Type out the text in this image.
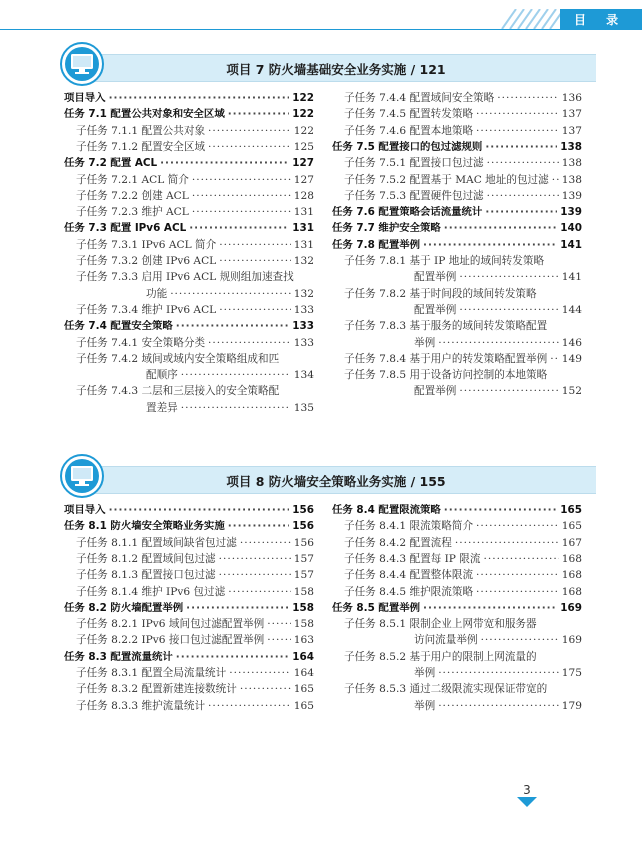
目 录
项目 7 防火墙基础安全业务实施 / 121
项目 8 防火墙安全策略业务实施 / 155
3
项目导入 ·····	122
任务 7.1 配置公共对象和安全区域 ·····	122
子任务 7.1.1 配置公共对象 ·····	122
子任务 7.1.2 配置安全区域 ·····	125
任务 7.2 配置 ACL ·····	127
子任务 7.2.1 ACL 简介 ·····	127
子任务 7.2.2 创建 ACL ·····	128
子任务 7.2.3 维护 ACL ·····	131
任务 7.3 配置 IPv6 ACL ·····	131
子任务 7.3.1 IPv6 ACL 简介 ·····	131
子任务 7.3.2 创建 IPv6 ACL ·····	132
子任务 7.3.3 启用 IPv6 ACL 规则组加速查找
功能 ·····	132
子任务 7.3.4 维护 IPv6 ACL ·····	133
任务 7.4 配置安全策略 ·····	133
子任务 7.4.1 安全策略分类 ·····	133
子任务 7.4.2 域间或域内安全策略组成和匹
配顺序 ·····	134
子任务 7.4.3 二层和三层接入的安全策略配
置差异 ·····	135
子任务 7.4.4 配置域间安全策略 ·····	136
子任务 7.4.5 配置转发策略 ·····	137
子任务 7.4.6 配置本地策略 ·····	137
任务 7.5 配置接口的包过滤规则 ·····	138
子任务 7.5.1 配置接口包过滤 ·····	138
子任务 7.5.2 配置基于 MAC 地址的包过滤 ····· 138
子任务 7.5.3 配置硬件包过滤 ·····	139
任务 7.6 配置策略会话流量统计 ·····	139
任务 7.7 维护安全策略 ·····	140
任务 7.8 配置举例 ·····	141
子任务 7.8.1 基于 IP 地址的域间转发策略
配置举例 ·····	141
子任务 7.8.2 基于时间段的域间转发策略
配置举例 ·····	144
子任务 7.8.3 基于服务的域间转发策略配置
举例 ·····	146
子任务 7.8.4 基于用户的转发策略配置举例 ····· 149
子任务 7.8.5 用于设备访问控制的本地策略
配置举例 ·····	152
项目导入 ·····	156
任务 8.1 防火墙安全策略业务实施 ·····	156
子任务 8.1.1 配置域间缺省包过滤 ·····	156
子任务 8.1.2 配置域间包过滤 ·····	157
子任务 8.1.3 配置接口包过滤 ·····	157
子任务 8.1.4 维护 IPv6 包过滤 ·····	158
任务 8.2 防火墙配置举例 ·····	158
子任务 8.2.1 IPv6 域间包过滤配置举例 ·····	158
子任务 8.2.2 IPv6 接口包过滤配置举例 ·····	163
任务 8.3 配置流量统计 ·····	164
子任务 8.3.1 配置全局流量统计 ·····	164
子任务 8.3.2 配置新建连接数统计 ·····	165
子任务 8.3.3 维护流量统计 ·····	165
任务 8.4 配置限流策略 ·····	165
子任务 8.4.1 限流策略简介 ·····	165
子任务 8.4.2 配置流程 ·····	167
子任务 8.4.3 配置每 IP 限流 ·····	168
子任务 8.4.4 配置整体限流 ·····	168
子任务 8.4.5 维护限流策略 ·····	168
任务 8.5 配置举例 ·····	169
子任务 8.5.1 限制企业上网带宽和服务器
访问流量举例 ·····	169
子任务 8.5.2 基于用户的限制上网流量的
举例 ·····	175
子任务 8.5.3 通过二级限流实现保证带宽的
举例 ·····	179
